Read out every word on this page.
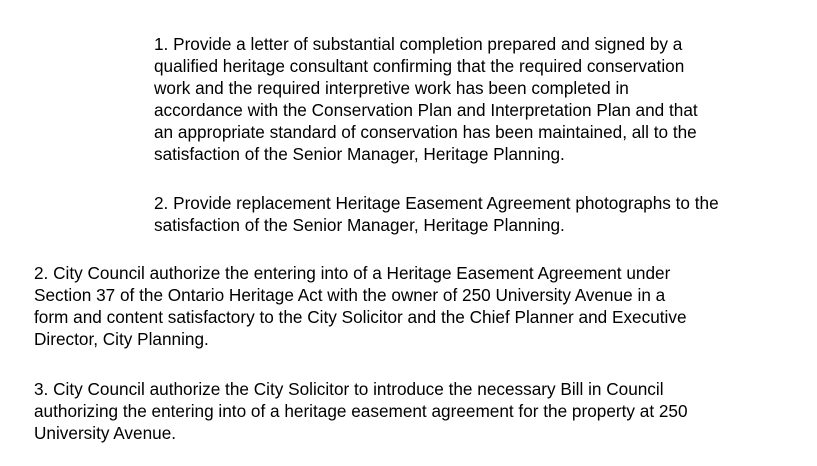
1. Provide a letter of substantial completion prepared and signed by a
qualified heritage consultant confirming that the required conservation
work and the required interpretive work has been completed in
accordance with the Conservation Plan and Interpretation Plan and that
an appropriate standard of conservation has been maintained, all to the
satisfaction of the Senior Manager, Heritage Planning.

2. Provide replacement Heritage Easement Agreement photographs to the
satisfaction of the Senior Manager, Heritage Planning.

2. City Council authorize the entering into of a Heritage Easement Agreement under
Section 37 of the Ontario Heritage Act with the owner of 250 University Avenue in a
form and content satisfactory to the City Solicitor and the Chief Planner and Executive
Director, City Planning.

3. City Council authorize the City Solicitor to introduce the necessary Bill in Council
authorizing the entering into of a heritage easement agreement for the property at 250
University Avenue.
